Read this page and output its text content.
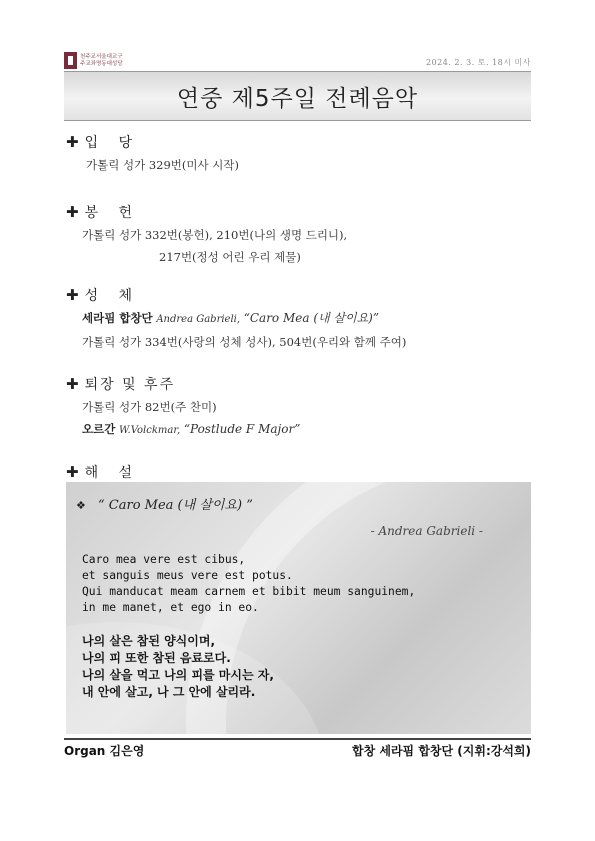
천주교서울대교구
주교좌명동대성당	2024. 2. 3. 토. 18시 미사
연중 제5주일 전례음악
✚ 입 당
가톨릭 성가 329번(미사 시작)
✚ 봉 헌
가톨릭 성가 332번(봉헌), 210번(나의 생명 드리니),
217번(정성 어린 우리 제물)
✚ 성 체
세라핌 합창단 Andrea Gabrieli, “Caro Mea (내 살이요)”
가톨릭 성가 334번(사랑의 성체 성사), 504번(우리와 함께 주여)
✚ 퇴장 및 후주
가톨릭 성가 82번(주 찬미)
오르간 W.Volckmar, “Postlude F Major”
✚ 해 설
❖ “ Caro Mea (내 살이요) ”
- Andrea Gabrieli -
Caro mea vere est cibus,
et sanguis meus vere est potus.
Qui manducat meam carnem et bibit meum sanguinem,
in me manet, et ego in eo.
나의 살은 참된 양식이며,
나의 피 또한 참된 음료로다.
나의 살을 먹고 나의 피를 마시는 자,
내 안에 살고, 나 그 안에 살리라.
Organ 김은영	합창 세라핌 합창단 (지휘:강석희)
